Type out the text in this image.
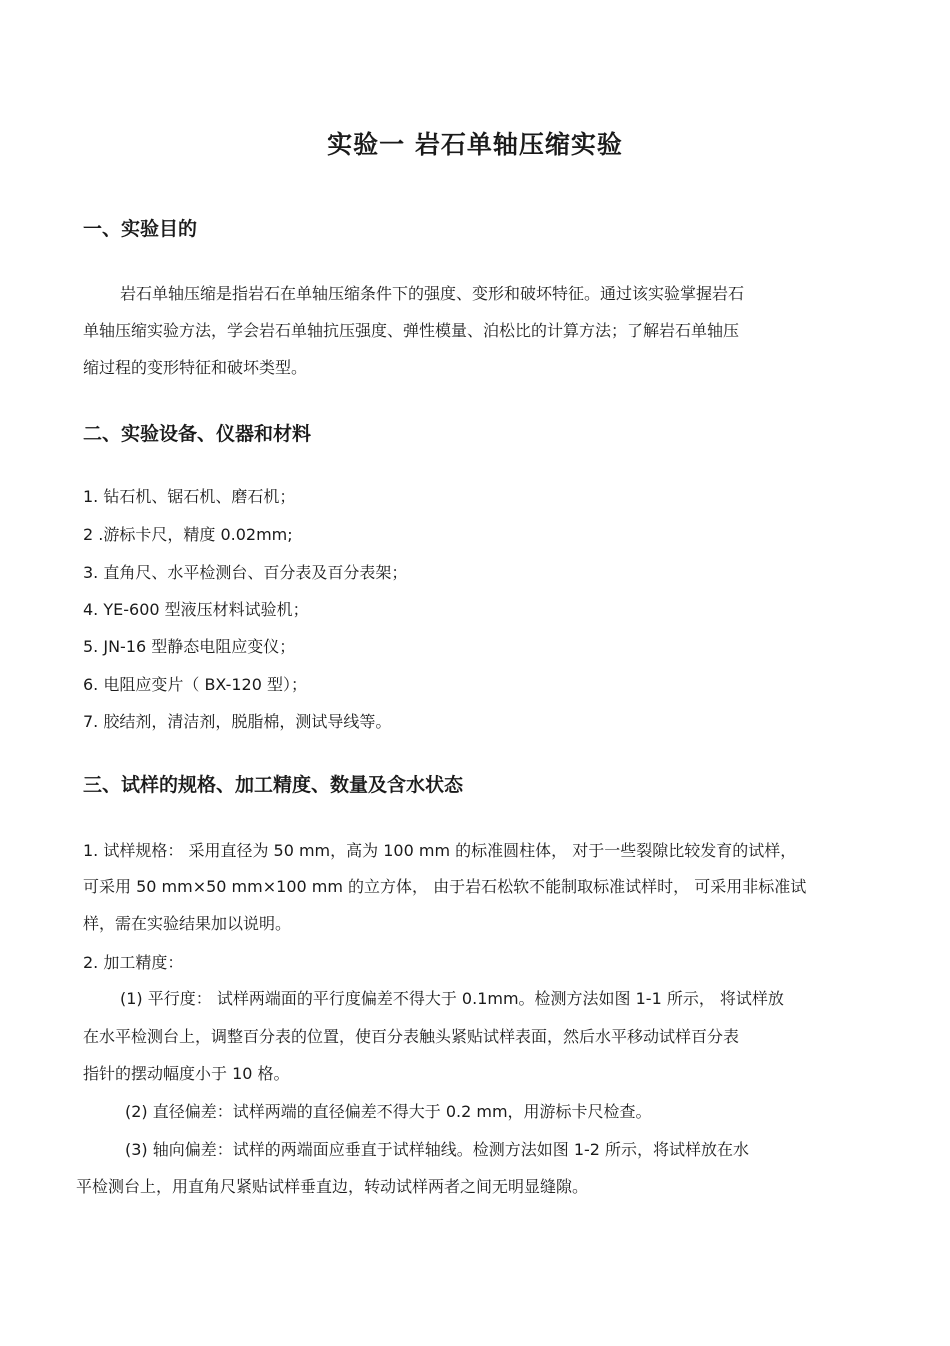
实验一 岩石单轴压缩实验
一、实验目的

岩石单轴压缩是指岩石在单轴压缩条件下的强度、变形和破坏特征。通过该实验掌握岩石

单轴压缩实验方法，学会岩石单轴抗压强度、弹性模量、泊松比的计算方法；了解岩石单轴压

缩过程的变形特征和破坏类型。

二、实验设备、仪器和材料

1. 钻石机、锯石机、磨石机；

2 .游标卡尺，精度 0.02mm;

3. 直角尺、水平检测台、百分表及百分表架；

4. YE-600 型液压材料试验机；

5. JN-16 型静态电阻应变仪；

6. 电阻应变片（ BX-120 型）；

7. 胶结剂，清洁剂，脱脂棉，测试导线等。

三、试样的规格、加工精度、数量及含水状态

1. 试样规格： 采用直径为 50 mm，高为 100 mm 的标准圆柱体， 对于一些裂隙比较发育的试样，

可采用 50 mm×50 mm×100 mm 的立方体， 由于岩石松软不能制取标准试样时， 可采用非标准试

样，需在实验结果加以说明。

2. 加工精度：

(1) 平行度： 试样两端面的平行度偏差不得大于 0.1mm。检测方法如图 1-1 所示， 将试样放

在水平检测台上，调整百分表的位置，使百分表触头紧贴试样表面，然后水平移动试样百分表

指针的摆动幅度小于 10 格。

(2) 直径偏差：试样两端的直径偏差不得大于 0.2 mm，用游标卡尺检查。

(3) 轴向偏差：试样的两端面应垂直于试样轴线。检测方法如图 1-2 所示，将试样放在水

平检测台上，用直角尺紧贴试样垂直边，转动试样两者之间无明显缝隙。
